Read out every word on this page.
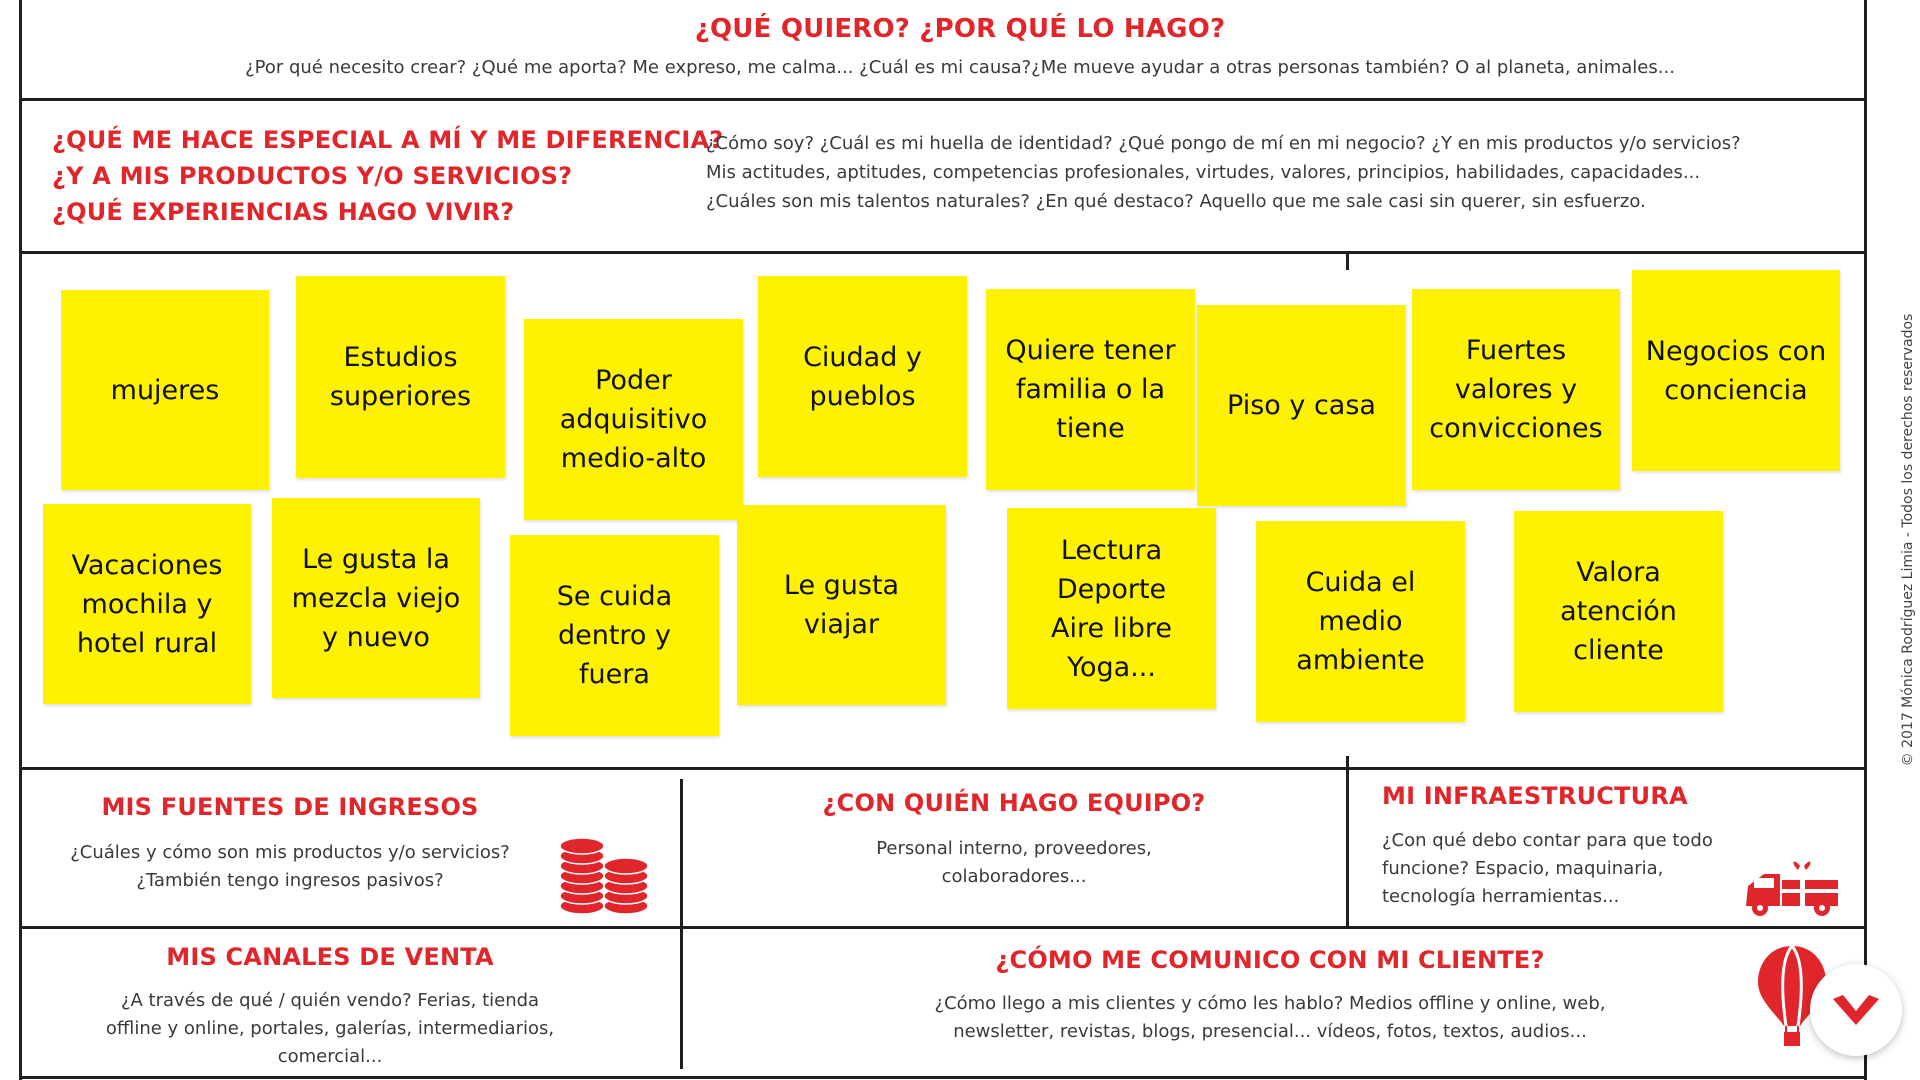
¿QUÉ QUIERO? ¿POR QUÉ LO HAGO?
¿Por qué necesito crear? ¿Qué me aporta? Me expreso, me calma... ¿Cuál es mi causa?¿Me mueve ayudar a otras personas también? O al planeta, animales...
¿QUÉ ME HACE ESPECIAL A MÍ Y ME DIFERENCIA?
¿Y A MIS PRODUCTOS Y/O SERVICIOS?
¿QUÉ EXPERIENCIAS HAGO VIVIR?
¿Cómo soy? ¿Cuál es mi huella de identidad? ¿Qué pongo de mí en mi negocio? ¿Y en mis productos y/o servicios?
Mis actitudes, aptitudes, competencias profesionales, virtudes, valores, principios, habilidades, capacidades...
¿Cuáles son mis talentos naturales? ¿En qué destaco? Aquello que me sale casi sin querer, sin esfuerzo.
mujeres
Estudios
superiores
Poder
adquisitivo
medio-alto
Ciudad y
pueblos
Quiere tener
familia o la
tiene
Piso y casa
Fuertes
valores y
convicciones
Negocios con
conciencia
Vacaciones
mochila y
hotel rural
Le gusta la
mezcla viejo
y nuevo
Se cuida
dentro y
fuera
Le gusta
viajar
Lectura
Deporte
Aire libre
Yoga...
Cuida el
medio
ambiente
Valora
atención
cliente
MIS FUENTES DE INGRESOS
¿Cuáles y cómo son mis productos y/o servicios?
¿También tengo ingresos pasivos?
¿CON QUIÉN HAGO EQUIPO?
Personal interno, proveedores,
colaboradores...
MI INFRAESTRUCTURA
¿Con qué debo contar para que todo
funcione? Espacio, maquinaria,
tecnología herramientas...
MIS CANALES DE VENTA
¿A través de qué / quién vendo? Ferias, tienda
offline y online, portales, galerías, intermediarios,
comercial...
¿CÓMO ME COMUNICO CON MI CLIENTE?
¿Cómo llego a mis clientes y cómo les hablo? Medios offline y online, web,
newsletter, revistas, blogs, presencial... vídeos, fotos, textos, audios...
© 2017 Mónica Rodríguez Limia - Todos los derechos reservados
